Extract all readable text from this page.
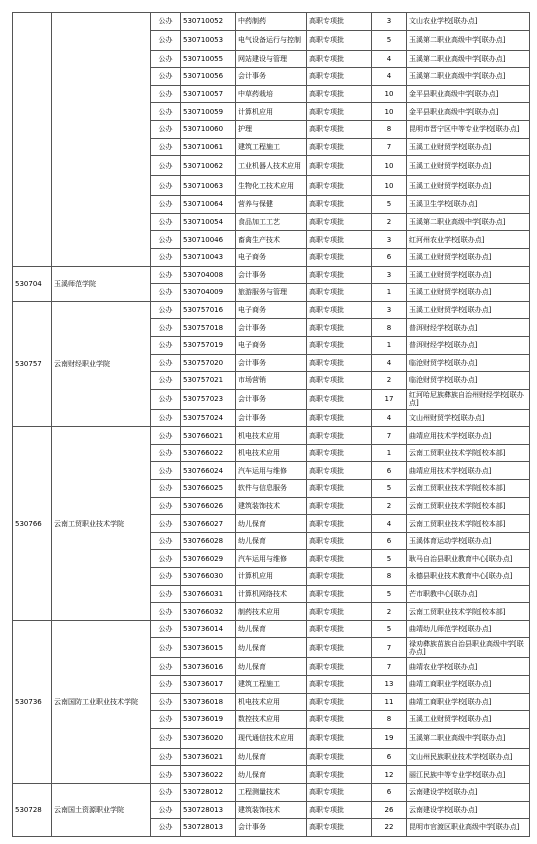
		公办	530710052	中药制药	高职专项批	3	文山农业学校[联办点]
		公办	530710053	电气设备运行与控制	高职专项批	5	玉溪第二职业高级中学[联办点]
		公办	530710055	网站建设与管理	高职专项批	4	玉溪第二职业高级中学[联办点]
		公办	530710056	会计事务	高职专项批	4	玉溪第二职业高级中学[联办点]
		公办	530710057	中草药栽培	高职专项批	10	金平县职业高级中学[联办点]
		公办	530710059	计算机应用	高职专项批	10	金平县职业高级中学[联办点]
		公办	530710060	护理	高职专项批	8	昆明市晋宁区中等专业学校[联办点]
		公办	530710061	建筑工程施工	高职专项批	7	玉溪工业财贸学校[联办点]
		公办	530710062	工业机器人技术应用	高职专项批	10	玉溪工业财贸学校[联办点]
		公办	530710063	生物化工技术应用	高职专项批	10	玉溪工业财贸学校[联办点]
		公办	530710064	营养与保健	高职专项批	5	玉溪卫生学校[联办点]
		公办	530710054	食品加工工艺	高职专项批	2	玉溪第二职业高级中学[联办点]
		公办	530710046	畜禽生产技术	高职专项批	3	红河州农业学校[联办点]
		公办	530710043	电子商务	高职专项批	6	玉溪工业财贸学校[联办点]
530704	玉溪师范学院	公办	530704008	会计事务	高职专项批	3	玉溪工业财贸学校[联办点]
		公办	530704009	旅游服务与管理	高职专项批	1	玉溪工业财贸学校[联办点]
530757	云南财经职业学院	公办	530757016	电子商务	高职专项批	3	玉溪工业财贸学校[联办点]
		公办	530757018	会计事务	高职专项批	8	普洱财经学校[联办点]
		公办	530757019	电子商务	高职专项批	1	普洱财经学校[联办点]
		公办	530757020	会计事务	高职专项批	4	临沧财贸学校[联办点]
		公办	530757021	市场营销	高职专项批	2	临沧财贸学校[联办点]
		公办	530757023	会计事务	高职专项批	17	红河哈尼族彝族自治州财经学校[联办点]
		公办	530757024	会计事务	高职专项批	4	文山州财贸学校[联办点]
530766	云南工贸职业技术学院	公办	530766021	机电技术应用	高职专项批	7	曲靖应用技术学校[联办点]
		公办	530766022	机电技术应用	高职专项批	1	云南工贸职业技术学院[校本部]
		公办	530766024	汽车运用与维修	高职专项批	6	曲靖应用技术学校[联办点]
		公办	530766025	软件与信息服务	高职专项批	5	云南工贸职业技术学院[校本部]
		公办	530766026	建筑装饰技术	高职专项批	2	云南工贸职业技术学院[校本部]
		公办	530766027	幼儿保育	高职专项批	4	云南工贸职业技术学院[校本部]
		公办	530766028	幼儿保育	高职专项批	6	玉溪体育运动学校[联办点]
		公办	530766029	汽车运用与维修	高职专项批	5	耿马自治县职业教育中心[联办点]
		公办	530766030	计算机应用	高职专项批	8	永德县职业技术教育中心[联办点]
		公办	530766031	计算机网络技术	高职专项批	5	芒市职教中心[联办点]
		公办	530766032	制药技术应用	高职专项批	2	云南工贸职业技术学院[校本部]
530736	云南国防工业职业技术学院	公办	530736014	幼儿保育	高职专项批	5	曲靖幼儿师范学校[联办点]
		公办	530736015	幼儿保育	高职专项批	7	禄劝彝族苗族自治县职业高级中学[联办点]
		公办	530736016	幼儿保育	高职专项批	7	曲靖农业学校[联办点]
		公办	530736017	建筑工程施工	高职专项批	13	曲靖工商职业学校[联办点]
		公办	530736018	机电技术应用	高职专项批	11	曲靖工商职业学校[联办点]
		公办	530736019	数控技术应用	高职专项批	8	玉溪工业财贸学校[联办点]
		公办	530736020	现代通信技术应用	高职专项批	19	玉溪第二职业高级中学[联办点]
		公办	530736021	幼儿保育	高职专项批	6	文山州民族职业技术学校[联办点]
		公办	530736022	幼儿保育	高职专项批	12	丽江民族中等专业学校[联办点]
530728	云南国土资源职业学院	公办	530728012	工程测量技术	高职专项批	6	云南建设学校[联办点]
		公办	530728013	建筑装饰技术	高职专项批	26	云南建设学校[联办点]
		公办	530728013	会计事务	高职专项批	22	昆明市官渡区职业高级中学[联办点]
